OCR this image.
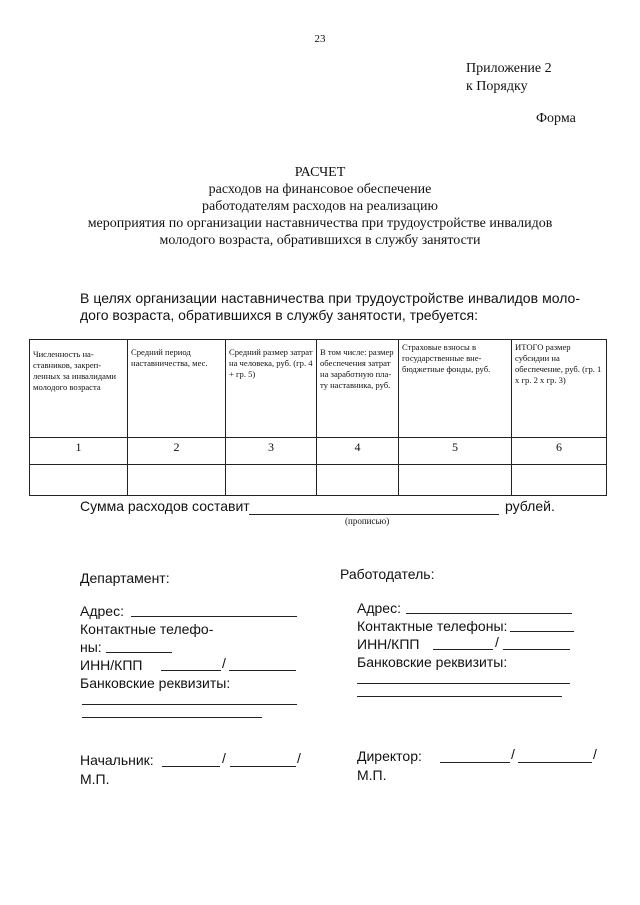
23
Приложение 2
к Порядку
Форма
РАСЧЕТ
расходов на финансовое обеспечение
работодателям расходов на реализацию
мероприятия по организации наставничества при трудоустройстве инвалидов
молодого возраста, обратившихся в службу занятости
В целях организации наставничества при трудоустройстве инвалидов молодого возраста, обратившихся в службу занятости, требуется:
Численность наставников, закрепленных за инвалидами молодого возраста	Средний период наставничества, мес.	Средний размер затрат на человека, руб. (гр. 4 + гр. 5)	В том числе: размер обеспечения затрат на заработную плату наставника, руб.	Страховые взносы в государственные внебюджетные фонды, руб.	ИТОГО размер субсидии на обеспечение, руб. (гр. 1 х гр. 2 х гр. 3)
1	2	3	4	5	6

Сумма расходов составит	рублей.
(прописью)
Департамент:
Адрес:
Контактные телефо-
ны:
ИНН/КПП	/
Банковские реквизиты:
Начальник:	/	/
М.П.
Работодатель:
Адрес:
Контактные телефоны:
ИНН/КПП	/
Банковские реквизиты:
Директор:	/	/
М.П.
